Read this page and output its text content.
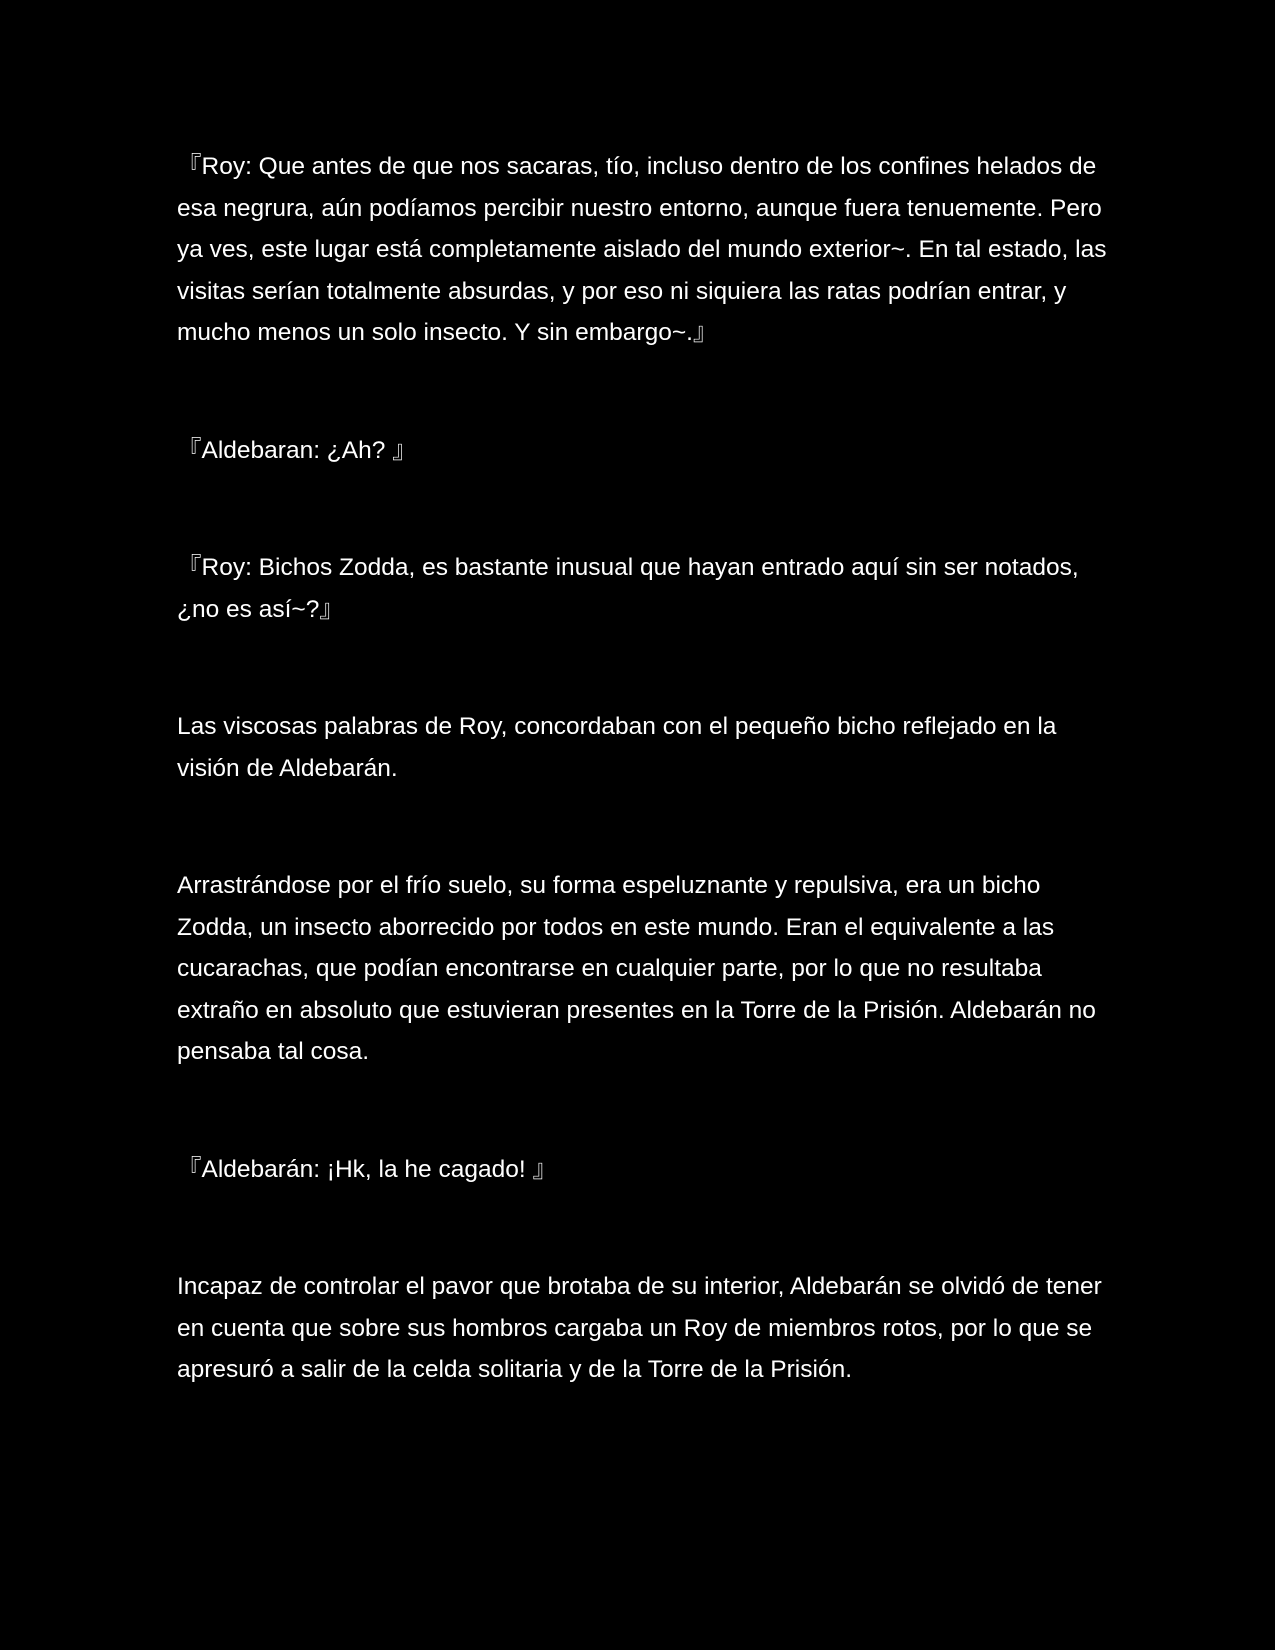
『Roy: Que antes de que nos sacaras, tío, incluso dentro de los confines helados de esa negrura, aún podíamos percibir nuestro entorno, aunque fuera tenuemente. Pero ya ves, este lugar está completamente aislado del mundo exterior~. En tal estado, las visitas serían totalmente absurdas, y por eso ni siquiera las ratas podrían entrar, y mucho menos un solo insecto. Y sin embargo~.』

『Aldebaran: ¿Ah? 』

『Roy: Bichos Zodda, es bastante inusual que hayan entrado aquí sin ser notados, ¿no es así~?』

Las viscosas palabras de Roy, concordaban con el pequeño bicho reflejado en la visión de Aldebarán.

Arrastrándose por el frío suelo, su forma espeluznante y repulsiva, era un bicho Zodda, un insecto aborrecido por todos en este mundo. Eran el equivalente a las cucarachas, que podían encontrarse en cualquier parte, por lo que no resultaba extraño en absoluto que estuvieran presentes en la Torre de la Prisión. Aldebarán no pensaba tal cosa.

『Aldebarán: ¡Hk, la he cagado! 』

Incapaz de controlar el pavor que brotaba de su interior, Aldebarán se olvidó de tener en cuenta que sobre sus hombros cargaba un Roy de miembros rotos, por lo que se apresuró a salir de la celda solitaria y de la Torre de la Prisión.
